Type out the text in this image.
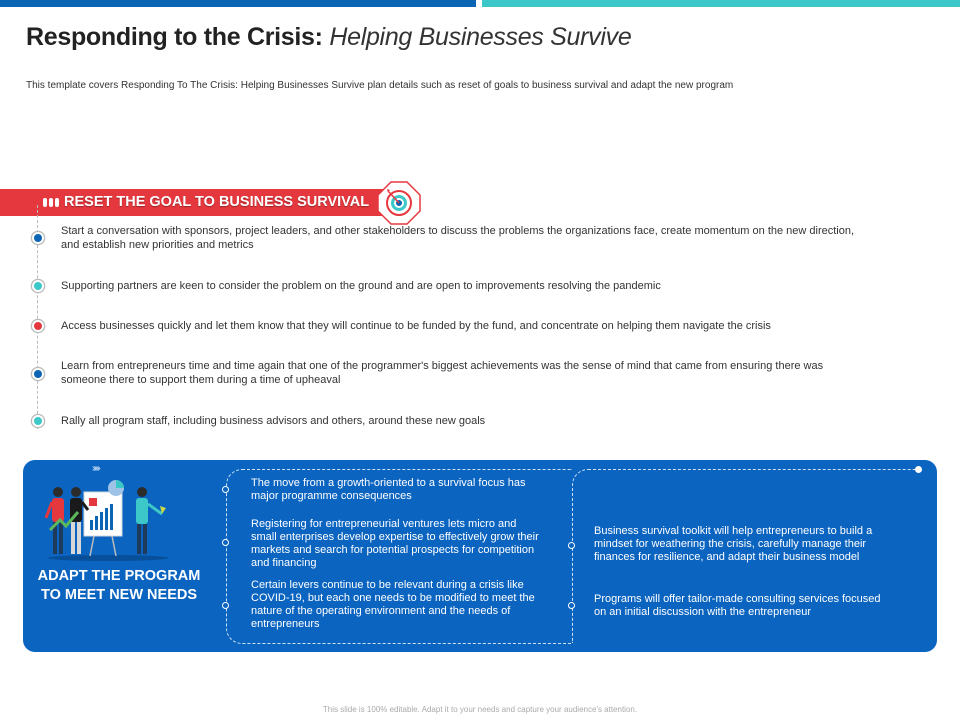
Responding to the Crisis: Helping Businesses Survive
This template covers Responding To The Crisis: Helping Businesses Survive plan details such as reset of goals to business survival and adapt the new program
RESET THE GOAL TO BUSINESS SURVIVAL
Start a conversation with sponsors, project leaders, and other stakeholders to discuss the problems the organizations face, create momentum on the new direction, and establish new priorities and metrics
Supporting partners are keen to consider the problem on the ground and are open to improvements resolving the pandemic
Access businesses quickly and let them know that they will continue to be funded by the fund, and concentrate on helping them navigate the crisis
Learn from entrepreneurs time and time again that one of the programmer's biggest achievements was the sense of mind that came from ensuring there was someone there to support them during a time of upheaval
Rally all program staff, including business advisors and others, around these new goals
›››››
ADAPT THE PROGRAM TO MEET NEW NEEDS
The move from a growth-oriented to a survival focus has major programme consequences
Registering for entrepreneurial ventures lets micro and small enterprises develop expertise to effectively grow their markets and search for potential prospects for competition and financing
Certain levers continue to be relevant during a crisis like COVID-19, but each one needs to be modified to meet the nature of the operating environment and the needs of entrepreneurs
Business survival toolkit will help entrepreneurs to build a mindset for weathering the crisis, carefully manage their finances for resilience, and adapt their business model
Programs will offer tailor-made consulting services focused on an initial discussion with the entrepreneur
This slide is 100% editable. Adapt it to your needs and capture your audience's attention.
